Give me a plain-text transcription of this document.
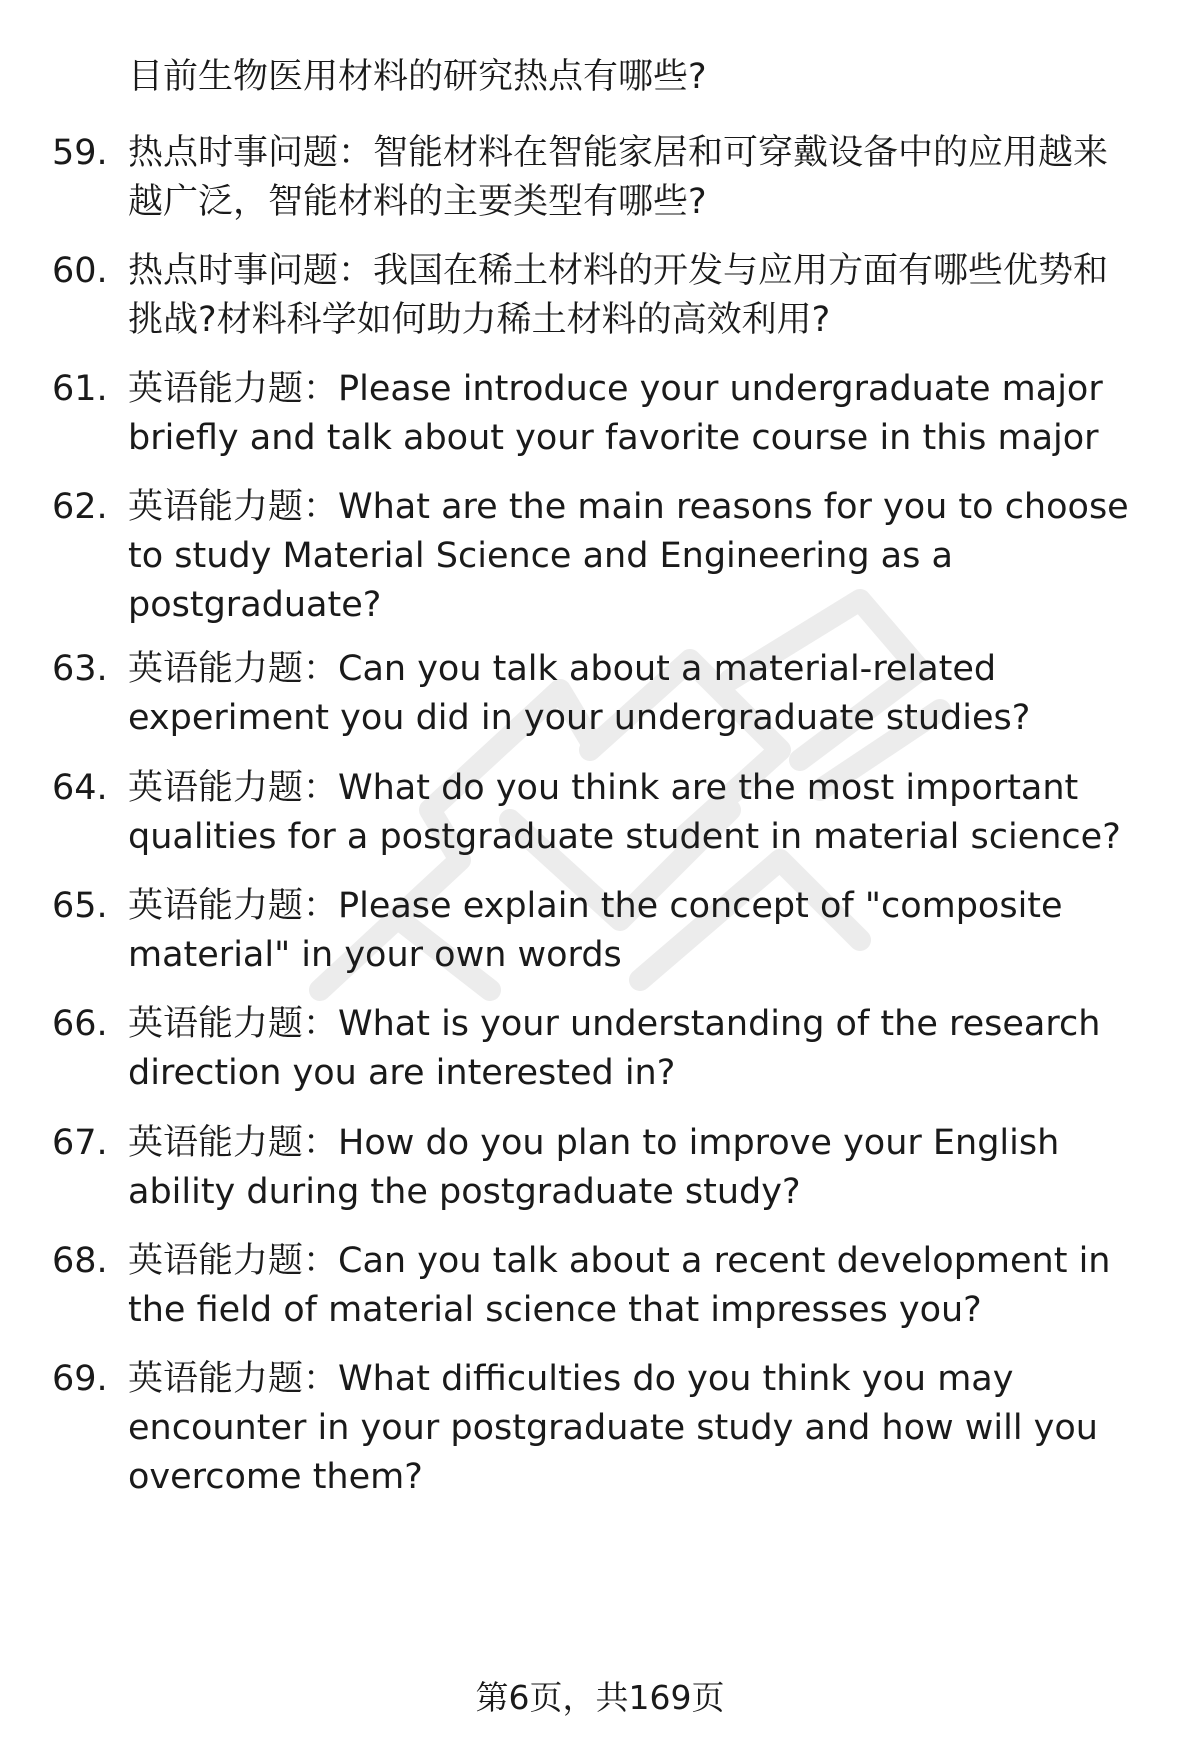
目前生物医用材料的研究热点有哪些?
59. 热点时事问题：智能材料在智能家居和可穿戴设备中的应用越来
越广泛，智能材料的主要类型有哪些?
60. 热点时事问题：我国在稀土材料的开发与应用方面有哪些优势和
挑战?材料科学如何助力稀土材料的高效利用?
61. 英语能力题：Please introduce your undergraduate major
briefly and talk about your favorite course in this major
62. 英语能力题：What are the main reasons for you to choose
to study Material Science and Engineering as a
postgraduate?
63. 英语能力题：Can you talk about a material-related
experiment you did in your undergraduate studies?
64. 英语能力题：What do you think are the most important
qualities for a postgraduate student in material science?
65. 英语能力题：Please explain the concept of "composite
material" in your own words
66. 英语能力题：What is your understanding of the research
direction you are interested in?
67. 英语能力题：How do you plan to improve your English
ability during the postgraduate study?
68. 英语能力题：Can you talk about a recent development in
the field of material science that impresses you?
69. 英语能力题：What difficulties do you think you may
encounter in your postgraduate study and how will you
overcome them?
第6页，共169页
